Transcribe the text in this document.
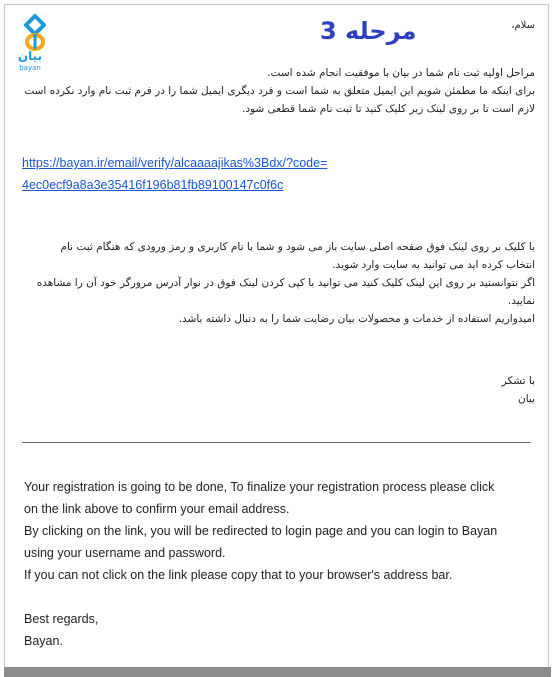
بیان
bayan
سلام،
مرحله 3
مراحل اولیه ثبت نام شما در بیان با موفقیت انجام شده است.
برای اینکه ما مطمئن شویم این ایمیل متعلق به شما است و فرد دیگری ایمیل شما را در فرم ثبت نام وارد نکرده است
لازم است تا بر روی لینک زیر کلیک کنید تا ثبت نام شما قطعی شود.
https://bayan.ir/email/verify/alcaaaajikas%3Bdx/?code=
4ec0ecf9a8a3e35416f196b81fb89100147c0f6c
با کلیک بر روی لینک فوق صفحه اصلی سایت باز می شود و شما با نام کاربری و رمز ورودی که هنگام ثبت نام
انتخاب کرده اید می توانید به سایت وارد شوید.
اگر نتوانستید بر روی این لینک کلیک کنید می توانید با کپی کردن لینک فوق در نوار آدرس مرورگر خود آن را مشاهده
نمایید.
امیدواریم استفاده از خدمات و محصولات بیان رضایت شما را به دنبال داشته باشد.
با تشکر
بیان
Your registration is going to be done, To finalize your registration process please click
on the link above to confirm your email address.
By clicking on the link, you will be redirected to login page and you can login to Bayan
using your username and password.
If you can not click on the link please copy that to your browser's address bar.
Best regards,
Bayan.
